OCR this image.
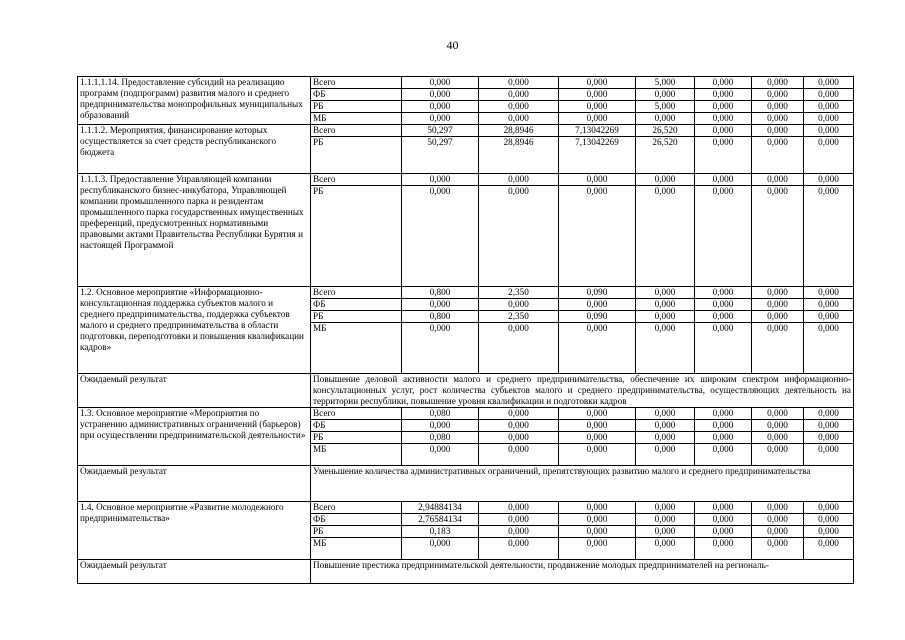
40
1.1.1.1.14. Предоставление субсидий на реализацию программ (подпрограмм) развития малого и среднего предпринимательства монопрофильных муниципальных образований	Всего	0,000	0,000	0,000	5,000	0,000	0,000	0,000
	ФБ	0,000	0,000	0,000	0,000	0,000	0,000	0,000
	РБ	0,000	0,000	0,000	5,000	0,000	0,000	0,000
	МБ	0,000	0,000	0,000	0,000	0,000	0,000	0,000
1.1.1.2. Мероприятия, финансирование которых осуществляется за счет средств республиканского бюджета	Всего	50,297	28,8946	7,13042269	26,520	0,000	0,000	0,000
	РБ	50,297	28,8946	7,13042269	26,520	0,000	0,000	0,000
1.1.1.3. Предоставление Управляющей компании республиканского бизнес-инкубатора, Управляющей компании промышленного парка и резидентам промышленного парка государственных имущественных преференций, предусмотренных нормативными правовыми актами Правительства Республики Бурятия и настоящей Программой	Всего	0,000	0,000	0,000	0,000	0,000	0,000	0,000
	РБ	0,000	0,000	0,000	0,000	0,000	0,000	0,000
1.2. Основное мероприятие «Информационно-консультационная поддержка субъектов малого и среднего предпринимательства, поддержка субъектов малого и среднего предпринимательства в области подготовки, переподготовки и повышения квалификации кадров»	Всего	0,800	2,350	0,090	0,000	0,000	0,000	0,000
	ФБ	0,000	0,000	0,000	0,000	0,000	0,000	0,000
	РБ	0,800	2,350	0,090	0,000	0,000	0,000	0,000
	МБ	0,000	0,000	0,000	0,000	0,000	0,000	0,000
Ожидаемый результат	Повышение деловой активности малого и среднего предпринимательства, обеспечение их широким спектром информационно-консультационных услуг, рост количества субъектов малого и среднего предпринимательства, осуществляющих деятельность на территории республики, повышение уровня квалификации и подготовки кадров							
1.3. Основное мероприятие «Мероприятия по устранению административных ограничений (барьеров) при осуществлении предпринимательской деятельности»	Всего	0,080	0,000	0,000	0,000	0,000	0,000	0,000
	ФБ	0,000	0,000	0,000	0,000	0,000	0,000	0,000
	РБ	0,080	0,000	0,000	0,000	0,000	0,000	0,000
	МБ	0,000	0,000	0,000	0,000	0,000	0,000	0,000
Ожидаемый результат	Уменьшение количества административных ограничений, препятствующих развитию малого и среднего предпринимательства							
1.4. Основное мероприятие «Развитие молодежного предпринимательства»	Всего	2,94884134	0,000	0,000	0,000	0,000	0,000	0,000
	ФБ	2,76584134	0,000	0,000	0,000	0,000	0,000	0,000
	РБ	0,183	0,000	0,000	0,000	0,000	0,000	0,000
	МБ	0,000	0,000	0,000	0,000	0,000	0,000	0,000
Ожидаемый результат	Повышение престижа предпринимательской деятельности, продвижение молодых предпринимателей на региональ-							
